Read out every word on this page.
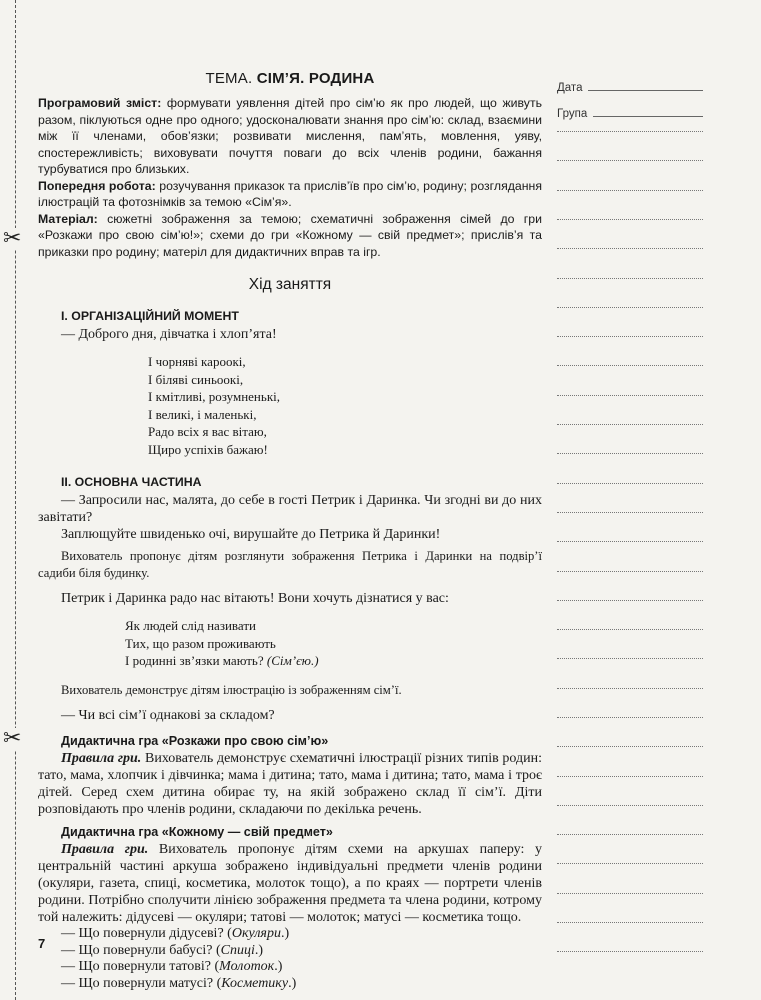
✂
✂
Дата
Група
ТЕМА. СІМ’Я. РОДИНА

Програмовий зміст: формувати уявлення дітей про сім’ю як про людей, що живуть разом, піклуються одне про одного; удосконалювати знання про сім’ю: склад, взаємини між її членами, обов’язки; розвивати мислення, пам’ять, мовлення, уяву, спостережливість; виховувати почуття поваги до всіх членів родини, бажання турбуватися про близьких.

Попередня робота: розучування приказок та прислів’їв про сім’ю, родину; розглядання ілюстрацій та фотознімків за темою «Сім’я».

Матеріал: сюжетні зображення за темою; схематичні зображення сімей до гри «Розкажи про свою сім’ю!»; схеми до гри «Кожному — свій предмет»; прислів’я та приказки про родину; матеріл для дидактичних вправ та ігр.

Хід заняття
І. ОРГАНІЗАЦІЙНИЙ МОМЕНТ

— Доброго дня, дівчатка і хлоп’ята!

І чорняві кароокі,
І біляві синьоокі,
І кмітливі, розумненькі,
І великі, і маленькі,
Радо всіх я вас вітаю,
Щиро успіхів бажаю!
ІІ. ОСНОВНА ЧАСТИНА

— Запросили нас, малята, до себе в гості Петрик і Даринка. Чи згодні ви до них завітати?

Заплющуйте швиденько очі, вирушайте до Петрика й Даринки!

Вихователь пропонує дітям розглянути зображення Петрика і Даринки на подвір’ї садиби біля будинку.

Петрик і Даринка радо нас вітають! Вони хочуть дізнатися у вас:

Як людей слід називати
Тих, що разом проживають
І родинні зв’язки мають? (Сім’єю.)

Вихователь демонструє дітям ілюстрацію із зображенням сім’ї.

— Чи всі сім’ї однакові за складом?

Дидактична гра «Розкажи про свою сім’ю»

Правила гри. Вихователь демонструє схематичні ілюстрації різних типів родин: тато, мама, хлопчик і дівчинка; мама і дитина; тато, мама і дитина; тато, мама і троє дітей. Серед схем дитина обирає ту, на якій зображено склад її сім’ї. Діти розповідають про членів родини, складаючи по декілька речень.

Дидактична гра «Кожному — свій предмет»

Правила гри. Вихователь пропонує дітям схеми на аркушах паперу: у центральній частині аркуша зображено індивідуальні предмети членів родини (окуляри, газета, спиці, косметика, молоток тощо), а по краях — портрети членів родини. Потрібно сполучити лінією зображення предмета та члена родини, котрому той належить: дідусеві — окуляри; татові — молоток; матусі — косметика тощо.

— Що повернули дідусеві? (Окуляри.)

— Що повернули бабусі? (Спиці.)

— Що повернули татові? (Молоток.)

— Що повернули матусі? (Косметику.)

7
